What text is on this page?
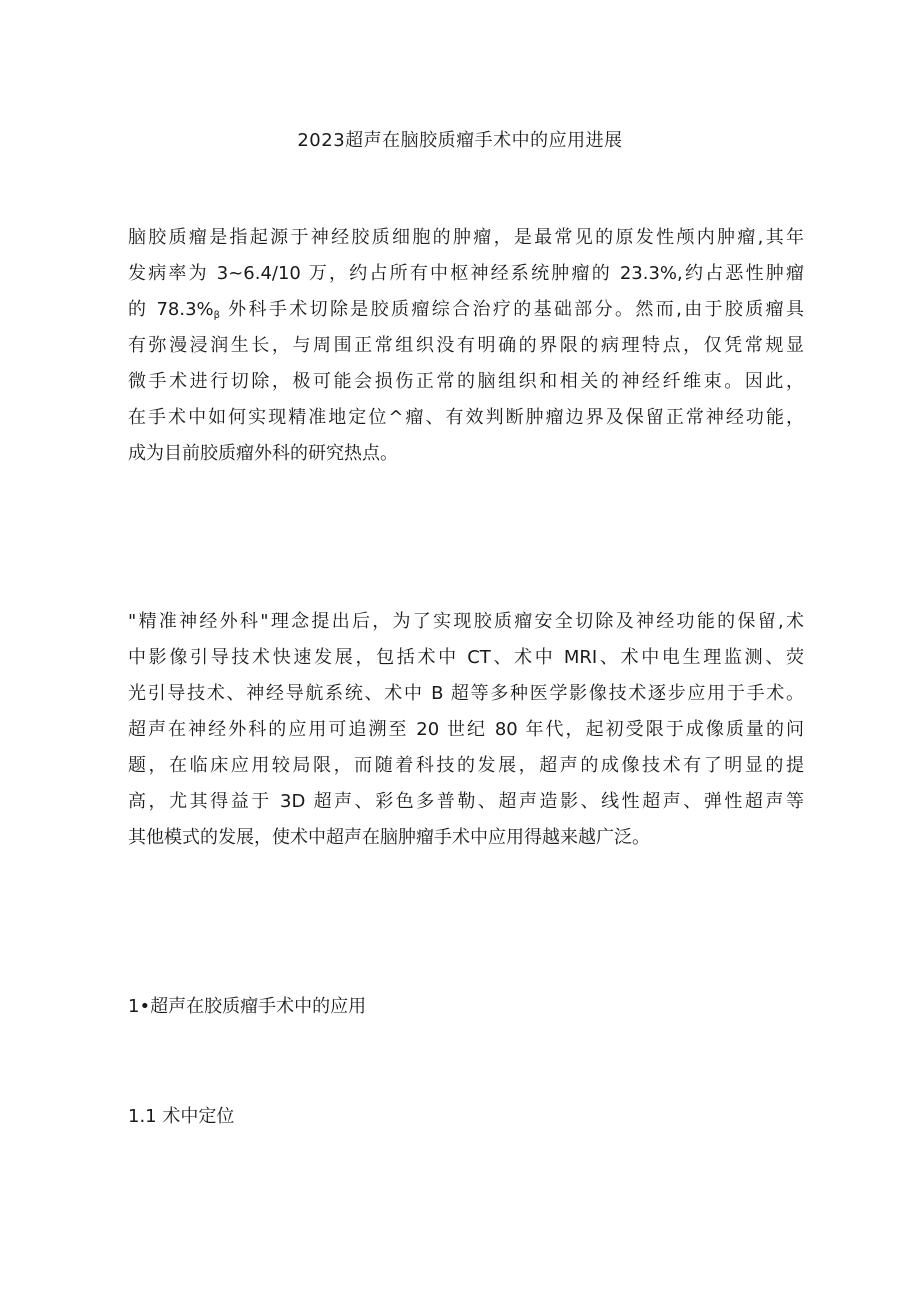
2023超声在脑胶质瘤手术中的应用进展
脑胶质瘤是指起源于神经胶质细胞的肿瘤，是最常见的原发性颅内肿瘤,其年
发病率为 3~6.4/10 万，约占所有中枢神经系统肿瘤的 23.3%,约占恶性肿瘤
的 $78.3\%_\beta$ 外科手术切除是胶质瘤综合治疗的基础部分。然而,由于胶质瘤具
有弥漫浸润生长，与周围正常组织没有明确的界限的病理特点，仅凭常规显
微手术进行切除，极可能会损伤正常的脑组织和相关的神经纤维束。因此，
在手术中如何实现精准地定位^瘤、有效判断肿瘤边界及保留正常神经功能，
成为目前胶质瘤外科的研究热点。
"精准神经外科"理念提出后，为了实现胶质瘤安全切除及神经功能的保留,术
中影像引导技术快速发展，包括术中 CT、术中 MRI、术中电生理监测、荧
光引导技术、神经导航系统、术中 B 超等多种医学影像技术逐步应用于手术。
超声在神经外科的应用可追溯至 20 世纪 80 年代，起初受限于成像质量的问
题，在临床应用较局限，而随着科技的发展，超声的成像技术有了明显的提
高，尤其得益于 3D 超声、彩色多普勒、超声造影、线性超声、弹性超声等
其他模式的发展，使术中超声在脑肿瘤手术中应用得越来越广泛。
1•超声在胶质瘤手术中的应用
1.1 术中定位
